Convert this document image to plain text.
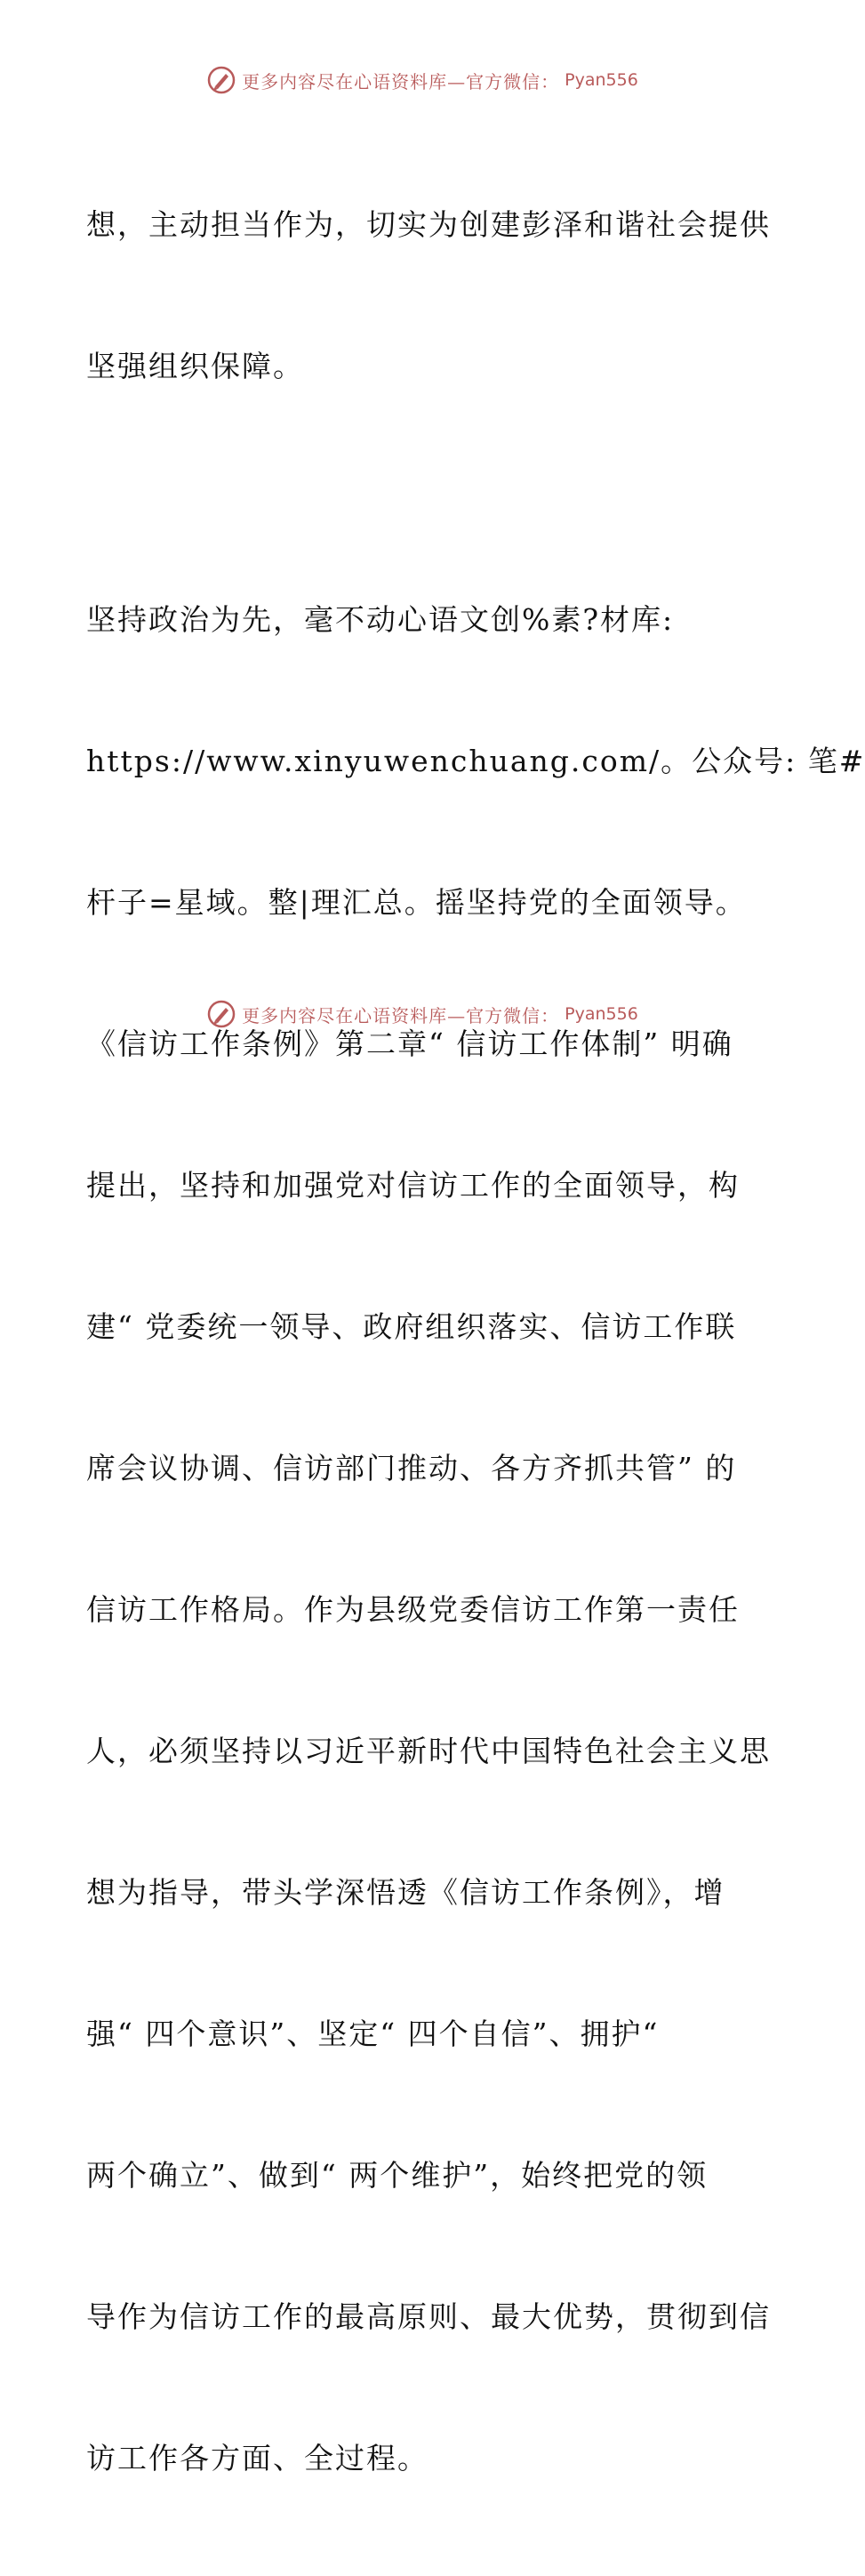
更多内容尽在心语资料库—官方微信： Pyan556

想，主动担当作为，切实为创建彭泽和谐社会提供

坚强组织保障。

坚持政治为先，毫不动心语文创%素?材库:

https://www.xinyuwenchuang.com/。公众号: 笔#

杆子=星域。整|理汇总。摇坚持党的全面领导。

《信访工作条例》第二章“ 信访工作体制” 明确

提出，坚持和加强党对信访工作的全面领导，构

建“ 党委统一领导、政府组织落实、信访工作联

席会议协调、信访部门推动、各方齐抓共管” 的

信访工作格局。作为县级党委信访工作第一责任

人，必须坚持以习近平新时代中国特色社会主义思

想为指导，带头学深悟透《信访工作条例》，增

强“ 四个意识”、坚定“ 四个自信”、拥护“

两个确立”、做到“ 两个维护”，始终把党的领

导作为信访工作的最高原则、最大优势，贯彻到信

访工作各方面、全过程。

更多内容尽在心语资料库—官方微信： Pyan556
